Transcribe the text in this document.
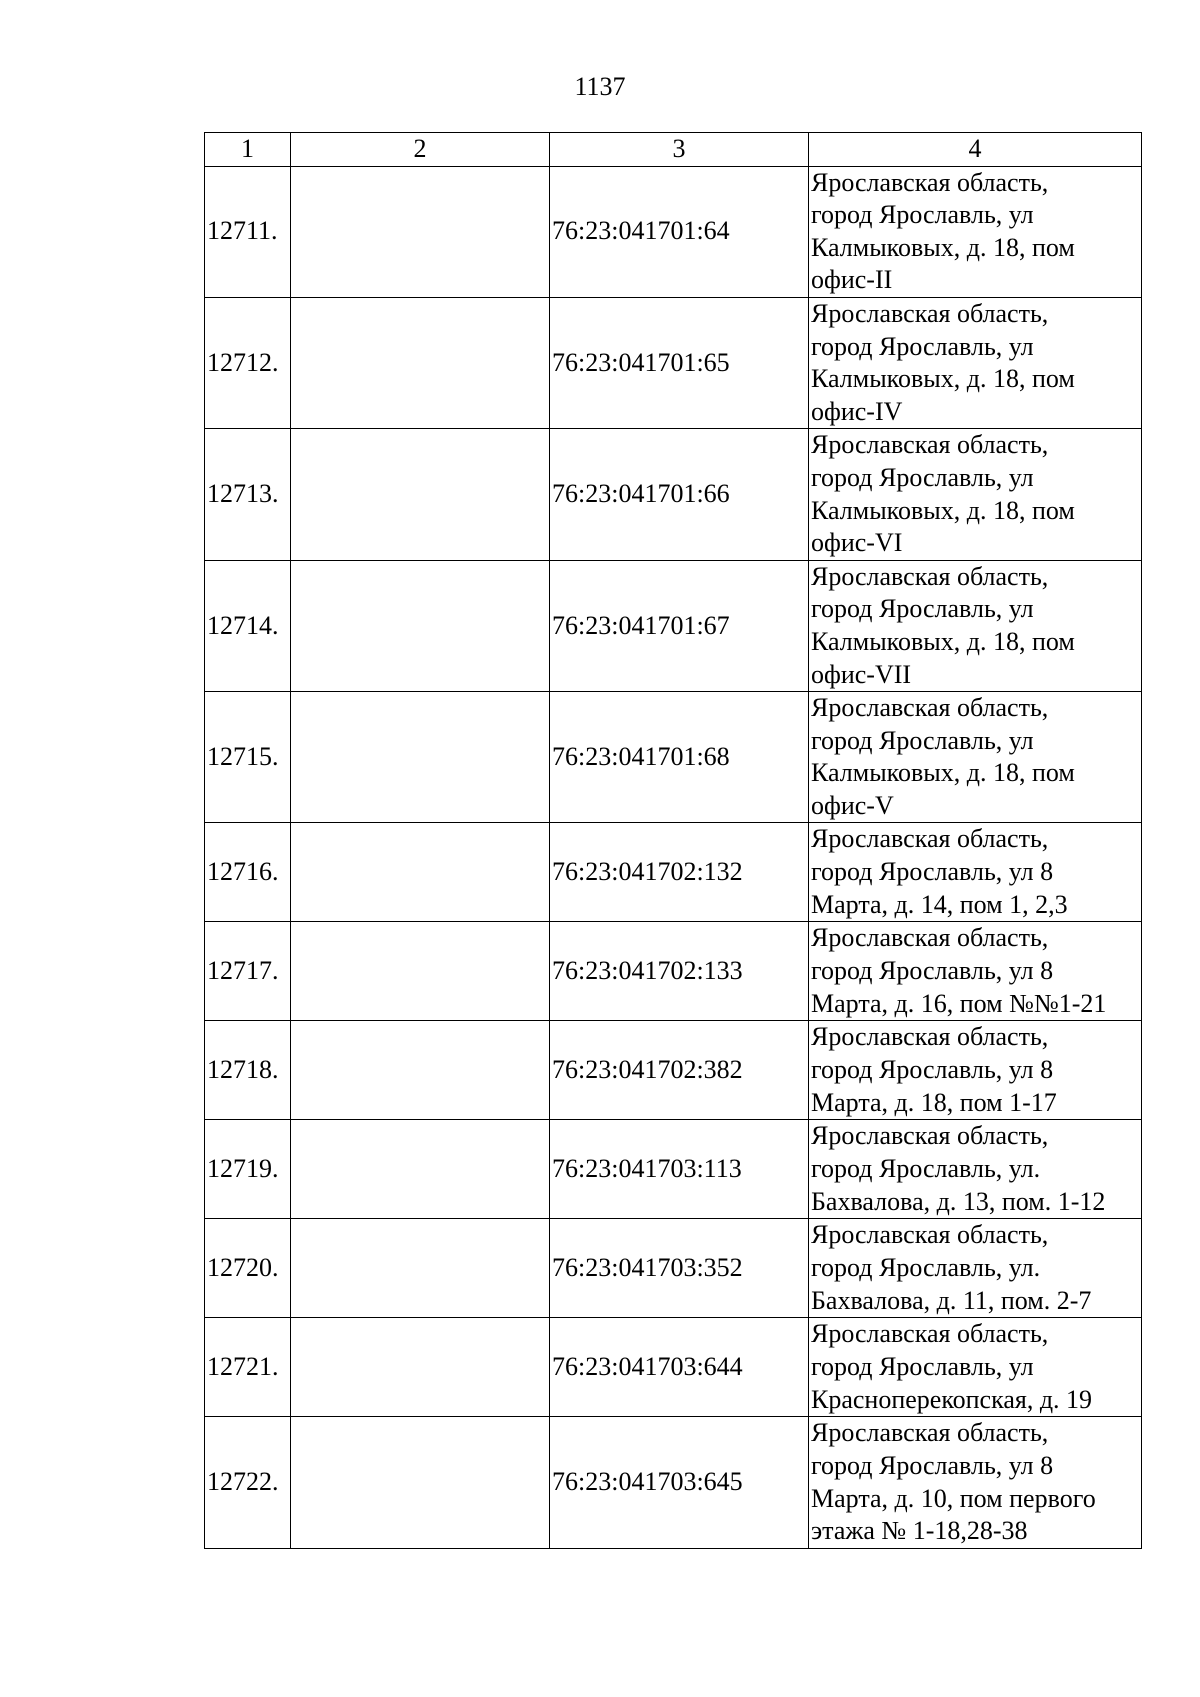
1137
1	2	3	4
12711.		76:23:041701:64	Ярославская область,
город Ярославль, ул
Калмыковых, д. 18, пом
офис-II
12712.		76:23:041701:65	Ярославская область,
город Ярославль, ул
Калмыковых, д. 18, пом
офис-IV
12713.		76:23:041701:66	Ярославская область,
город Ярославль, ул
Калмыковых, д. 18, пом
офис-VI
12714.		76:23:041701:67	Ярославская область,
город Ярославль, ул
Калмыковых, д. 18, пом
офис-VII
12715.		76:23:041701:68	Ярославская область,
город Ярославль, ул
Калмыковых, д. 18, пом
офис-V
12716.		76:23:041702:132	Ярославская область,
город Ярославль, ул 8
Марта, д. 14, пом 1, 2,3
12717.		76:23:041702:133	Ярославская область,
город Ярославль, ул 8
Марта, д. 16, пом №№1-21
12718.		76:23:041702:382	Ярославская область,
город Ярославль, ул 8
Марта, д. 18, пом 1-17
12719.		76:23:041703:113	Ярославская область,
город Ярославль, ул.
Бахвалова, д. 13, пом. 1-12
12720.		76:23:041703:352	Ярославская область,
город Ярославль, ул.
Бахвалова, д. 11, пом. 2-7
12721.		76:23:041703:644	Ярославская область,
город Ярославль, ул
Красноперекопская, д. 19
12722.		76:23:041703:645	Ярославская область,
город Ярославль, ул 8
Марта, д. 10, пом первого
этажа № 1-18,28-38
